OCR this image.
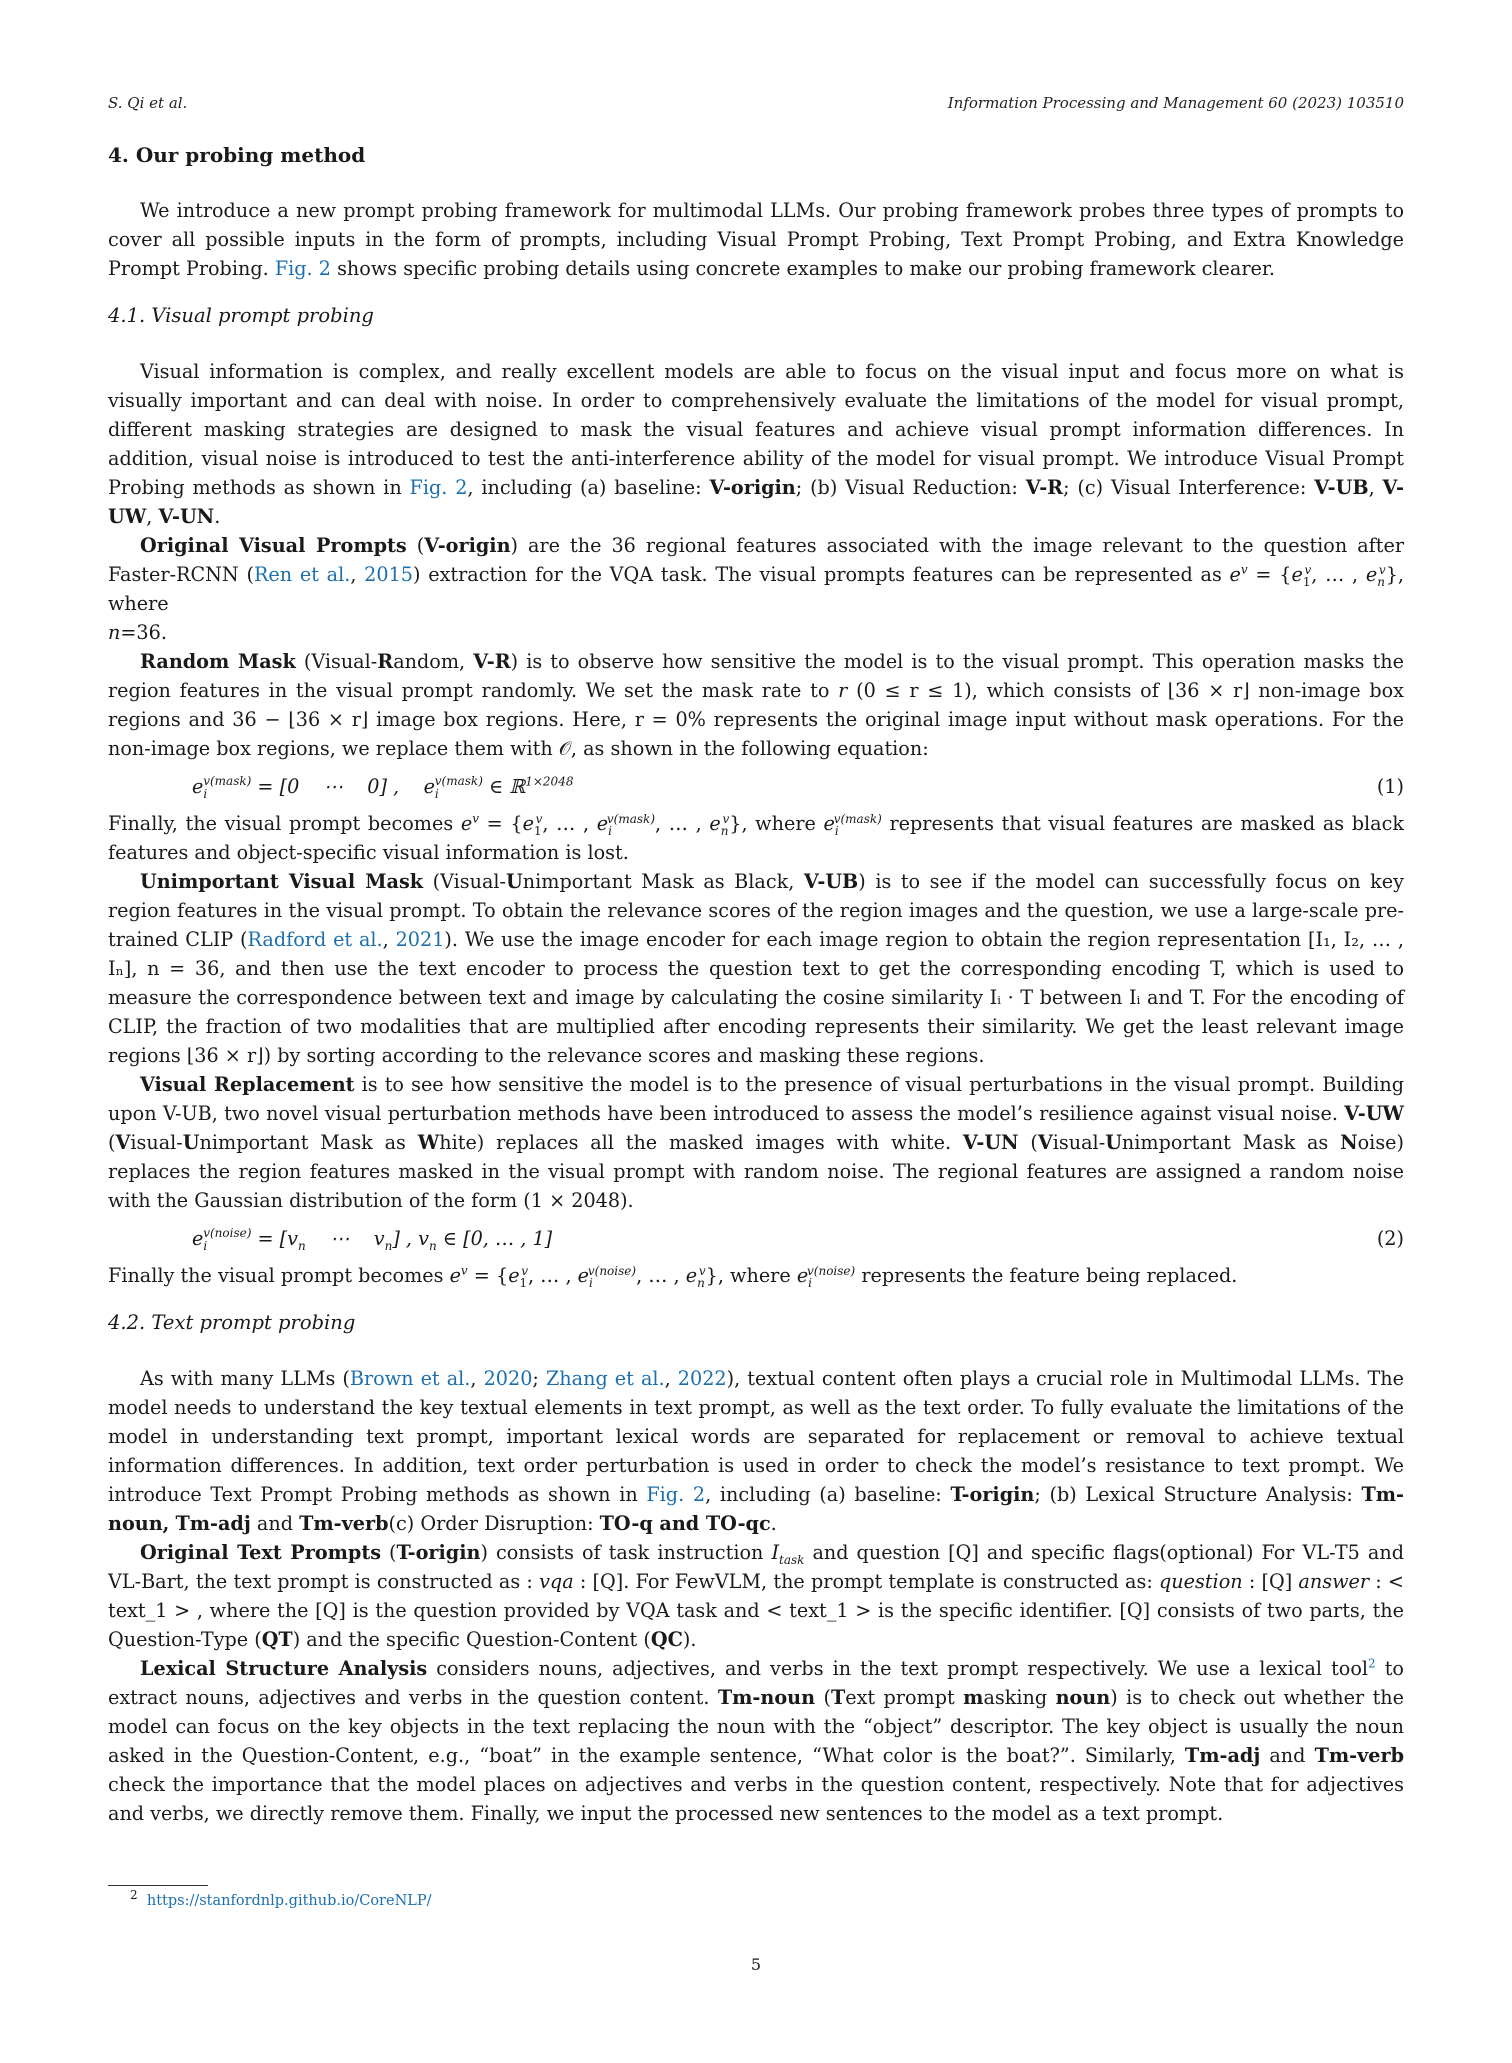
S. Qi et al.	Information Processing and Management 60 (2023) 103510
4. Our probing method

We introduce a new prompt probing framework for multimodal LLMs. Our probing framework probes three types of prompts to cover all possible inputs in the form of prompts, including Visual Prompt Probing, Text Prompt Probing, and Extra Knowledge Prompt Probing. Fig. 2 shows specific probing details using concrete examples to make our probing framework clearer.

4.1. Visual prompt probing

Visual information is complex, and really excellent models are able to focus on the visual input and focus more on what is visually important and can deal with noise. In order to comprehensively evaluate the limitations of the model for visual prompt, different masking strategies are designed to mask the visual features and achieve visual prompt information differences. In addition, visual noise is introduced to test the anti-interference ability of the model for visual prompt. We introduce Visual Prompt Probing methods as shown in Fig. 2, including (a) baseline: V-origin; (b) Visual Reduction: V-R; (c) Visual Interference: V-UB, V-UW, V-UN.

Original Visual Prompts (V-origin) are the 36 regional features associated with the image relevant to the question after Faster-RCNN (Ren et al., 2015) extraction for the VQA task. The visual prompts features can be represented as $e^v = \{e_1^v$, … , $e_n^v$}, where
n=36.

Random Mask (Visual-Random, V-R) is to observe how sensitive the model is to the visual prompt. This operation masks the region features in the visual prompt randomly. We set the mask rate to r (0 ≤ r ≤ 1), which consists of ⌊36 × r⌋ non-image box regions and 36 − ⌊36 × r⌋ image box regions. Here, r = 0% represents the original image input without mask operations. For the non-image box regions, we replace them with 𝒪, as shown in the following equation:

$e_i^{v(mask)} = [0$    ⋯    0] ,    $e_i^{v(mask)}$ ∈ ℝ$^{1\times 2048}$	(1)

Finally, the visual prompt becomes $e^v = \{e_1^v$, … , $e_i^{v(mask)}$, … , $e_n^v$}, where $e_i^{v(mask)}$ represents that visual features are masked as black features and object-specific visual information is lost.

Unimportant Visual Mask (Visual-Unimportant Mask as Black, V-UB) is to see if the model can successfully focus on key region features in the visual prompt. To obtain the relevance scores of the region images and the question, we use a large-scale pre-trained CLIP (Radford et al., 2021). We use the image encoder for each image region to obtain the region representation [I₁, I₂, … , Iₙ], n = 36, and then use the text encoder to process the question text to get the corresponding encoding T, which is used to measure the correspondence between text and image by calculating the cosine similarity Iᵢ · T between Iᵢ and T. For the encoding of CLIP, the fraction of two modalities that are multiplied after encoding represents their similarity. We get the least relevant image regions ⌊36 × r⌋) by sorting according to the relevance scores and masking these regions.

Visual Replacement is to see how sensitive the model is to the presence of visual perturbations in the visual prompt. Building upon V-UB, two novel visual perturbation methods have been introduced to assess the model’s resilience against visual noise. V-UW (Visual-Unimportant Mask as White) replaces all the masked images with white. V-UN (Visual-Unimportant Mask as Noise) replaces the region features masked in the visual prompt with random noise. The regional features are assigned a random noise with the Gaussian distribution of the form (1 × 2048).

$e_i^{v(noise)} = [v_n$    ⋯    $v_n$] , $v_n$ ∈ [0, … , 1]	(2)

Finally the visual prompt becomes $e^v = \{e_1^v$, … , $e_i^{v(noise)}$, … , $e_n^v$}, where $e_i^{v(noise)}$ represents the feature being replaced.

4.2. Text prompt probing

As with many LLMs (Brown et al., 2020; Zhang et al., 2022), textual content often plays a crucial role in Multimodal LLMs. The model needs to understand the key textual elements in text prompt, as well as the text order. To fully evaluate the limitations of the model in understanding text prompt, important lexical words are separated for replacement or removal to achieve textual information differences. In addition, text order perturbation is used in order to check the model’s resistance to text prompt. We introduce Text Prompt Probing methods as shown in Fig. 2, including (a) baseline: T-origin; (b) Lexical Structure Analysis: Tm-noun, Tm-adj and Tm-verb(c) Order Disruption: TO-q and TO-qc.

Original Text Prompts (T-origin) consists of task instruction $I_{task}$ and question [Q] and specific flags(optional) For VL-T5 and VL-Bart, the text prompt is constructed as : vqa : [Q]. For FewVLM, the prompt template is constructed as: question : [Q] answer : < text_1 > , where the [Q] is the question provided by VQA task and < text_1 > is the specific identifier. [Q] consists of two parts, the Question-Type (QT) and the specific Question-Content (QC).

Lexical Structure Analysis considers nouns, adjectives, and verbs in the text prompt respectively. We use a lexical tool$^2$ to extract nouns, adjectives and verbs in the question content. Tm-noun (Text prompt masking noun) is to check out whether the model can focus on the key objects in the text replacing the noun with the “object” descriptor. The key object is usually the noun asked in the Question-Content, e.g., “boat” in the example sentence, “What color is the boat?”. Similarly, Tm-adj and Tm-verb check the importance that the model places on adjectives and verbs in the question content, respectively. Note that for adjectives and verbs, we directly remove them. Finally, we input the processed new sentences to the model as a text prompt.

$^2$ https://stanfordnlp.github.io/CoreNLP/
5
